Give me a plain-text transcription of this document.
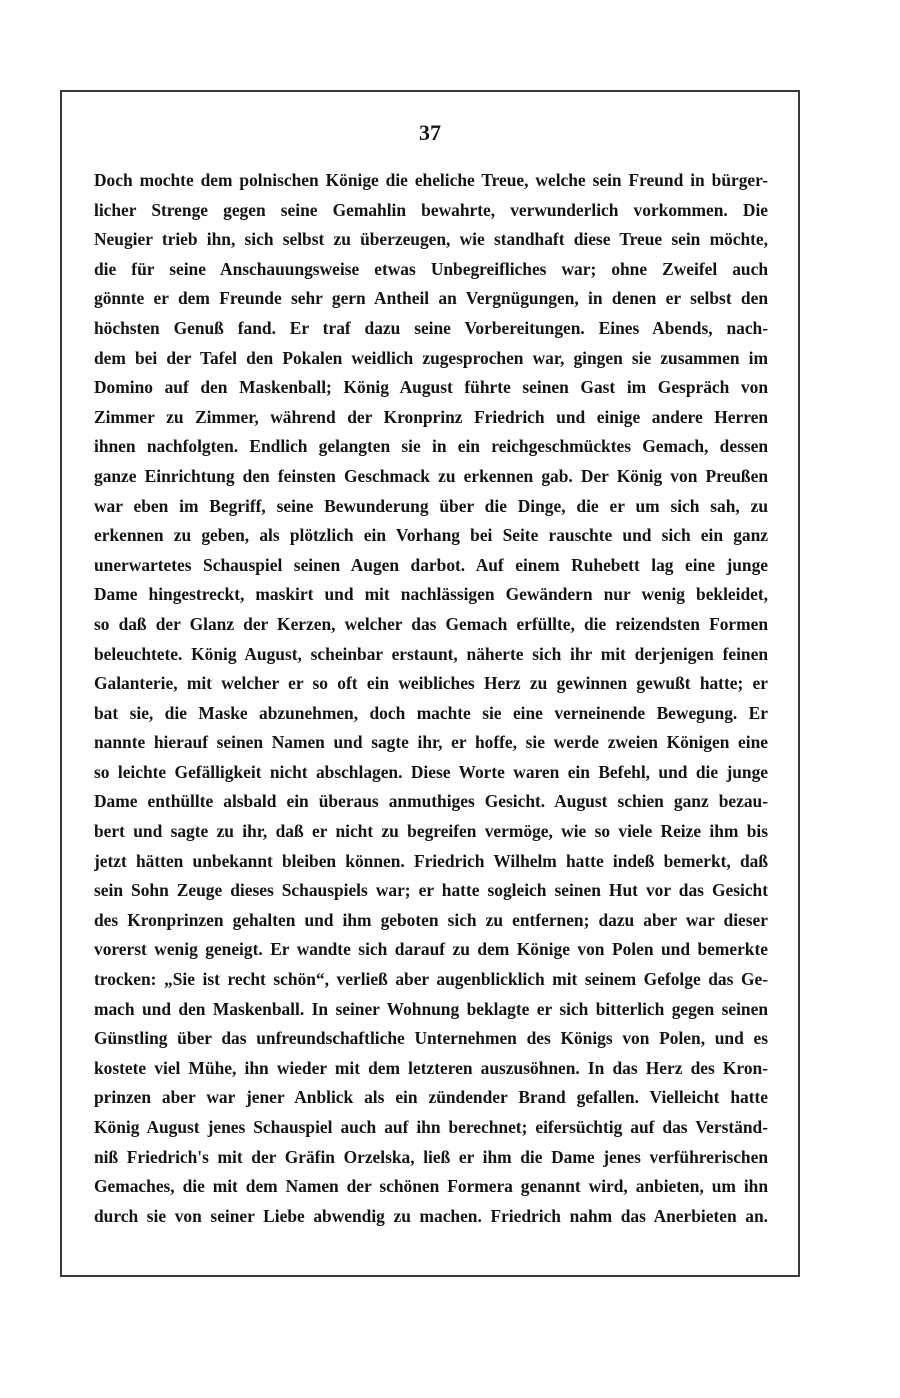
37
Doch mochte dem polnischen Könige die eheliche Treue, welche sein Freund in bürger-
licher Strenge gegen seine Gemahlin bewahrte, verwunderlich vorkommen. Die
Neugier trieb ihn, sich selbst zu überzeugen, wie standhaft diese Treue sein möchte,
die für seine Anschauungsweise etwas Unbegreifliches war; ohne Zweifel auch
gönnte er dem Freunde sehr gern Antheil an Vergnügungen, in denen er selbst den
höchsten Genuß fand. Er traf dazu seine Vorbereitungen. Eines Abends, nach-
dem bei der Tafel den Pokalen weidlich zugesprochen war, gingen sie zusammen im
Domino auf den Maskenball; König August führte seinen Gast im Gespräch von
Zimmer zu Zimmer, während der Kronprinz Friedrich und einige andere Herren
ihnen nachfolgten. Endlich gelangten sie in ein reichgeschmücktes Gemach, dessen
ganze Einrichtung den feinsten Geschmack zu erkennen gab. Der König von Preußen
war eben im Begriff, seine Bewunderung über die Dinge, die er um sich sah, zu
erkennen zu geben, als plötzlich ein Vorhang bei Seite rauschte und sich ein ganz
unerwartetes Schauspiel seinen Augen darbot. Auf einem Ruhebett lag eine junge
Dame hingestreckt, maskirt und mit nachlässigen Gewändern nur wenig bekleidet,
so daß der Glanz der Kerzen, welcher das Gemach erfüllte, die reizendsten Formen
beleuchtete. König August, scheinbar erstaunt, näherte sich ihr mit derjenigen feinen
Galanterie, mit welcher er so oft ein weibliches Herz zu gewinnen gewußt hatte; er
bat sie, die Maske abzunehmen, doch machte sie eine verneinende Bewegung. Er
nannte hierauf seinen Namen und sagte ihr, er hoffe, sie werde zweien Königen eine
so leichte Gefälligkeit nicht abschlagen. Diese Worte waren ein Befehl, und die junge
Dame enthüllte alsbald ein überaus anmuthiges Gesicht. August schien ganz bezau-
bert und sagte zu ihr, daß er nicht zu begreifen vermöge, wie so viele Reize ihm bis
jetzt hätten unbekannt bleiben können. Friedrich Wilhelm hatte indeß bemerkt, daß
sein Sohn Zeuge dieses Schauspiels war; er hatte sogleich seinen Hut vor das Gesicht
des Kronprinzen gehalten und ihm geboten sich zu entfernen; dazu aber war dieser
vorerst wenig geneigt. Er wandte sich darauf zu dem Könige von Polen und bemerkte
trocken: „Sie ist recht schön“, verließ aber augenblicklich mit seinem Gefolge das Ge-
mach und den Maskenball. In seiner Wohnung beklagte er sich bitterlich gegen seinen
Günstling über das unfreundschaftliche Unternehmen des Königs von Polen, und es
kostete viel Mühe, ihn wieder mit dem letzteren auszusöhnen. In das Herz des Kron-
prinzen aber war jener Anblick als ein zündender Brand gefallen. Vielleicht hatte
König August jenes Schauspiel auch auf ihn berechnet; eifersüchtig auf das Verständ-
niß Friedrich's mit der Gräfin Orzelska, ließ er ihm die Dame jenes verführerischen
Gemaches, die mit dem Namen der schönen Formera genannt wird, anbieten, um ihn
durch sie von seiner Liebe abwendig zu machen. Friedrich nahm das Anerbieten an.
